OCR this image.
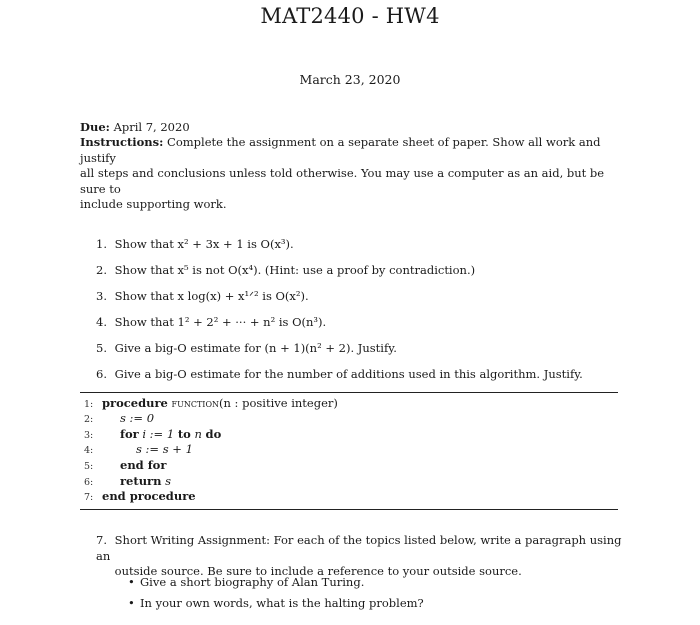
MAT2440 - HW4
March 23, 2020
Due: April 7, 2020
Instructions: Complete the assignment on a separate sheet of paper. Show all work and justify
all steps and conclusions unless told otherwise. You may use a computer as an aid, but be sure to
include supporting work.
1. Show that x² + 3x + 1 is O(x³).
2. Show that x⁵ is not O(x⁴). (Hint: use a proof by contradiction.)
3. Show that x log(x) + x¹ᐟ² is O(x²).
4. Show that 1² + 2² + ··· + n² is O(n³).
5. Give a big-O estimate for (n + 1)(n² + 2). Justify.
6. Give a big-O estimate for the number of additions used in this algorithm. Justify.
1: procedure function(n : positive integer)
2: s := 0
3: for i := 1 to n do
4:	s := s + 1
5: end for
6: return s
7: end procedure
7. Short Writing Assignment: For each of the topics listed below, write a paragraph using an
outside source. Be sure to include a reference to your outside source.
• Give a short biography of Alan Turing.
• In your own words, what is the halting problem?
